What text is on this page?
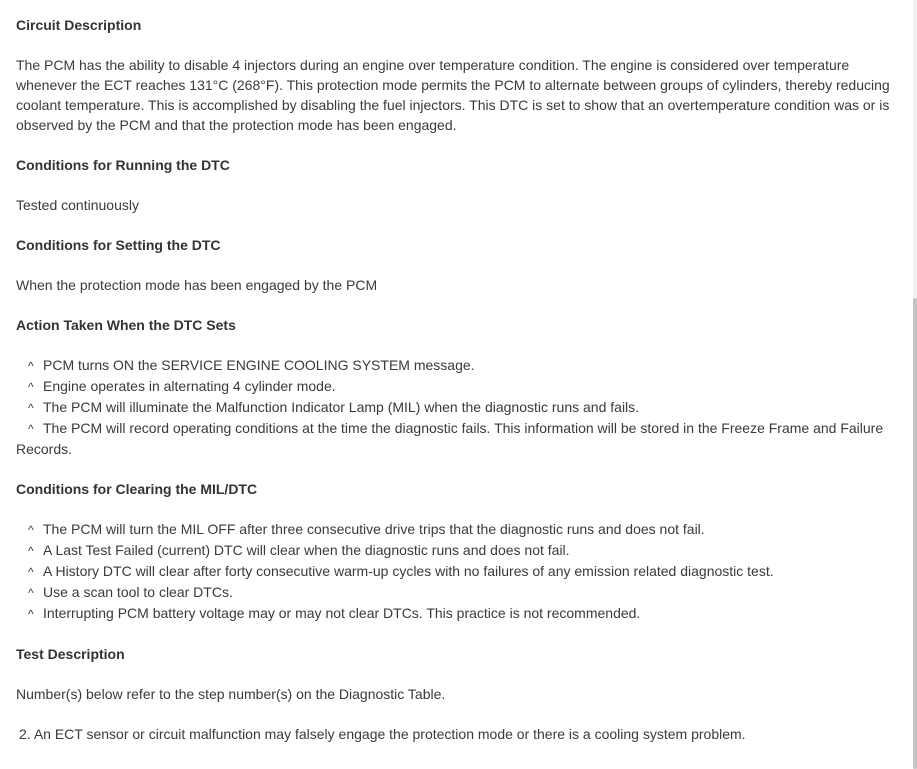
Circuit Description

The PCM has the ability to disable 4 injectors during an engine over temperature condition. The engine is considered over temperature whenever the ECT reaches 131°C (268°F). This protection mode permits the PCM to alternate between groups of cylinders, thereby reducing coolant temperature. This is accomplished by disabling the fuel injectors. This DTC is set to show that an overtemperature condition was or is observed by the PCM and that the protection mode has been engaged.

Conditions for Running the DTC

Tested continuously

Conditions for Setting the DTC

When the protection mode has been engaged by the PCM

Action Taken When the DTC Sets

^ PCM turns ON the SERVICE ENGINE COOLING SYSTEM message.

^ Engine operates in alternating 4 cylinder mode.

^ The PCM will illuminate the Malfunction Indicator Lamp (MIL) when the diagnostic runs and fails.

^ The PCM will record operating conditions at the time the diagnostic fails. This information will be stored in the Freeze Frame and Failure Records.

Conditions for Clearing the MIL/DTC

^ The PCM will turn the MIL OFF after three consecutive drive trips that the diagnostic runs and does not fail.

^ A Last Test Failed (current) DTC will clear when the diagnostic runs and does not fail.

^ A History DTC will clear after forty consecutive warm-up cycles with no failures of any emission related diagnostic test.

^ Use a scan tool to clear DTCs.

^ Interrupting PCM battery voltage may or may not clear DTCs. This practice is not recommended.

Test Description

Number(s) below refer to the step number(s) on the Diagnostic Table.

2. An ECT sensor or circuit malfunction may falsely engage the protection mode or there is a cooling system problem.
